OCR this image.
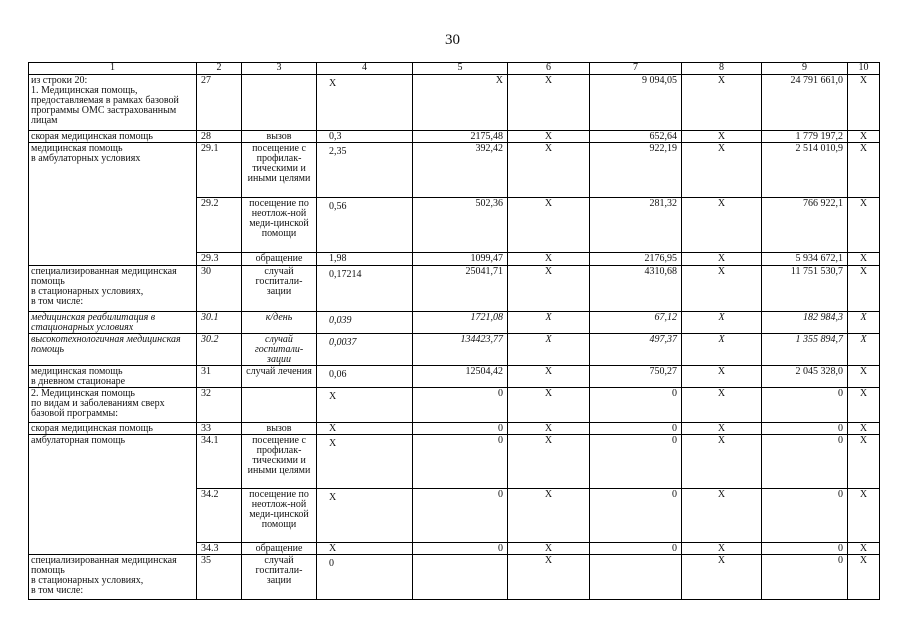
30
1	2	3	4	5	6	7	8	9	10
из строки 20:
1. Медицинская помощь, предоставляемая в рамках базовой программы ОМС застрахованным лицам	27		X	X	X	9 094,05	X	24 791 661,0	X
скорая медицинская помощь	28	вызов	0,3	2175,48	X	652,64	X	1 779 197,2	X
медицинская помощь
в амбулаторных условиях	29.1	посещение с профилак-тическими и иными целями	2,35	392,42	X	922,19	X	2 514 010,9	X
	29.2	посещение по неотлож-ной меди-цинской помощи	0,56	502,36	X	281,32	X	766 922,1	X
	29.3	обращение	1,98	1099,47	X	2176,95	X	5 934 672,1	X
специализированная медицинская помощь
в стационарных условиях,
в том числе:	30	случай госпитали-зации	0,17214	25041,71	X	4310,68	X	11 751 530,7	X
медицинская реабилитация в стационарных условиях	30.1	к/день	0,039	1721,08	X	67,12	X	182 984,3	X
высокотехнологичная медицинская помощь	30.2	случай госпитали-зации	0,0037	134423,77	X	497,37	X	1 355 894,7	X
медицинская помощь
в дневном стационаре	31	случай лечения	0,06	12504,42	X	750,27	X	2 045 328,0	X
2. Медицинская помощь
по видам и заболеваниям сверх базовой программы:	32		X	0	X	0	X	0	X
скорая медицинская помощь	33	вызов	X	0	X	0	X	0	X
амбулаторная помощь	34.1	посещение с профилак-тическими и иными целями	X	0	X	0	X	0	X
	34.2	посещение по неотлож-ной меди-цинской помощи	X	0	X	0	X	0	X
	34.3	обращение	X	0	X	0	X	0	X
специализированная медицинская помощь
в стационарных условиях,
в том числе:	35	случай госпитали-зации	0		X		X	0	X
